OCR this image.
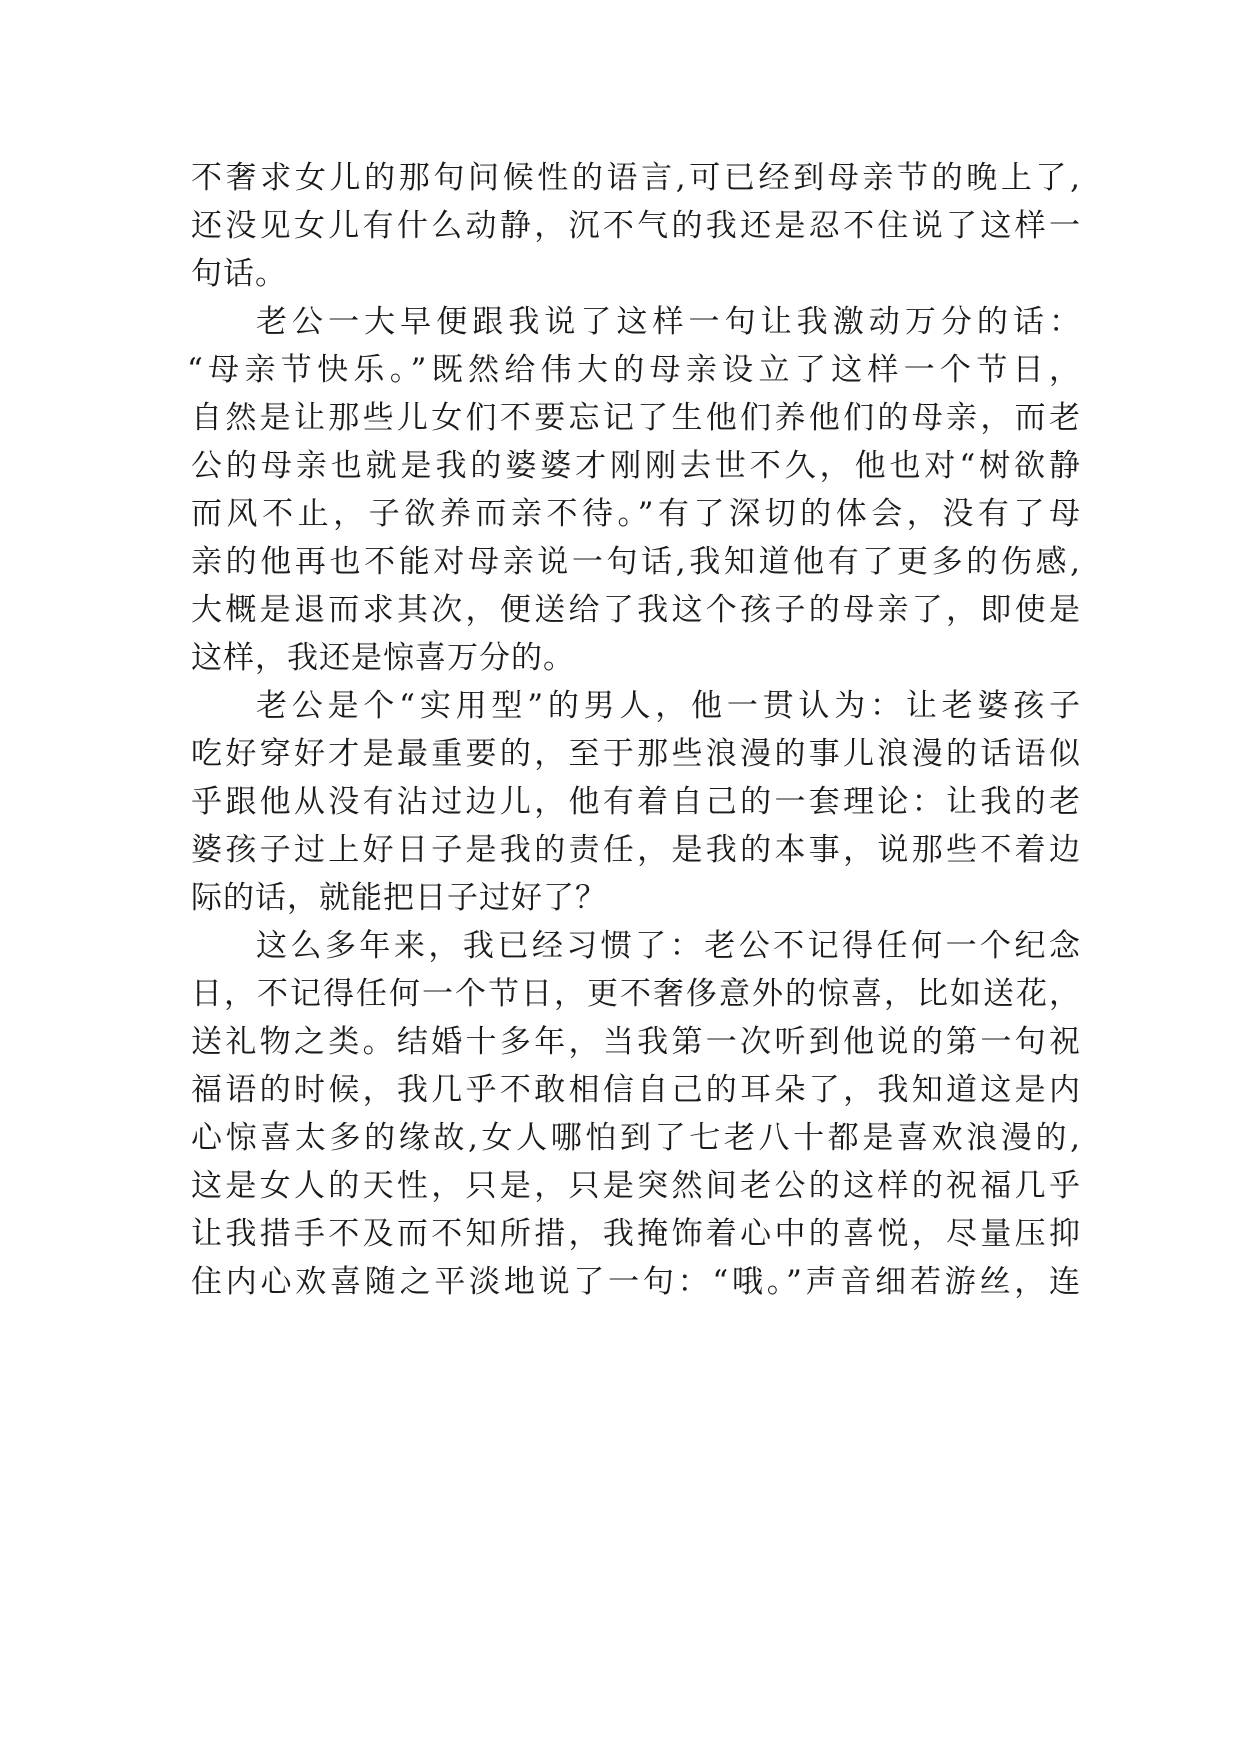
不奢求女儿的那句问候性的语言,可已经到母亲节的晚上了,
还没见女儿有什么动静，沉不气的我还是忍不住说了这样一
句话。
老公一大早便跟我说了这样一句让我激动万分的话：
“母亲节快乐。”既然给伟大的母亲设立了这样一个节日，
自然是让那些儿女们不要忘记了生他们养他们的母亲，而老
公的母亲也就是我的婆婆才刚刚去世不久，他也对“树欲静
而风不止，子欲养而亲不待。”有了深切的体会，没有了母
亲的他再也不能对母亲说一句话,我知道他有了更多的伤感,
大概是退而求其次，便送给了我这个孩子的母亲了，即使是
这样，我还是惊喜万分的。
老公是个“实用型”的男人，他一贯认为：让老婆孩子
吃好穿好才是最重要的，至于那些浪漫的事儿浪漫的话语似
乎跟他从没有沾过边儿，他有着自己的一套理论：让我的老
婆孩子过上好日子是我的责任，是我的本事，说那些不着边
际的话，就能把日子过好了？
这么多年来，我已经习惯了：老公不记得任何一个纪念
日，不记得任何一个节日，更不奢侈意外的惊喜，比如送花，
送礼物之类。结婚十多年，当我第一次听到他说的第一句祝
福语的时候，我几乎不敢相信自己的耳朵了，我知道这是内
心惊喜太多的缘故,女人哪怕到了七老八十都是喜欢浪漫的,
这是女人的天性，只是，只是突然间老公的这样的祝福几乎
让我措手不及而不知所措，我掩饰着心中的喜悦，尽量压抑
住内心欢喜随之平淡地说了一句：“哦。”声音细若游丝，连
